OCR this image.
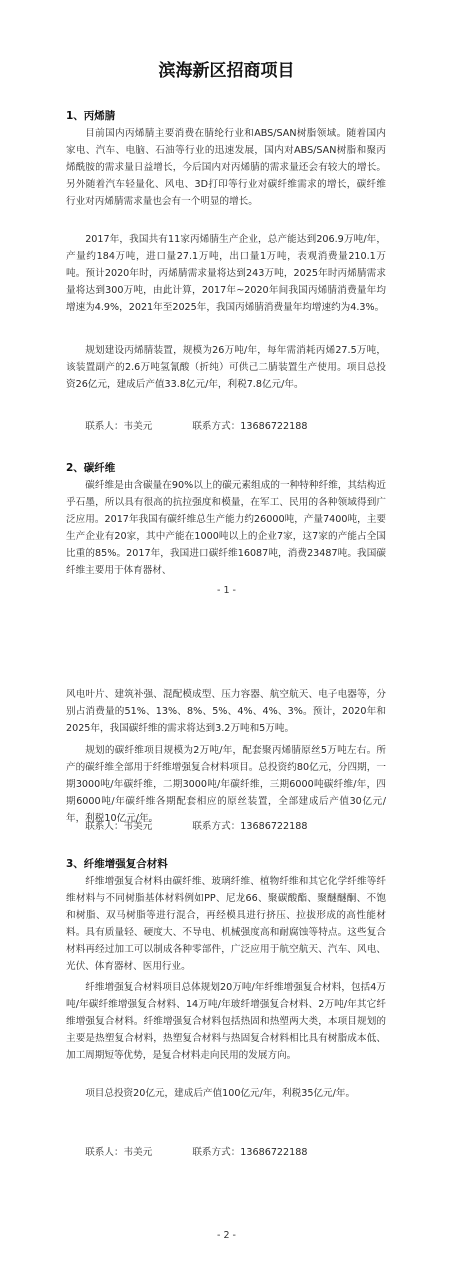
滨海新区招商项目
1、丙烯腈

目前国内丙烯腈主要消费在腈纶行业和ABS/SAN树脂领域。随着国内家电、汽车、电脑、石油等行业的迅速发展，国内对ABS/SAN树脂和聚丙烯酰胺的需求量日益增长，今后国内对丙烯腈的需求量还会有较大的增长。另外随着汽车轻量化、风电、3D打印等行业对碳纤维需求的增长，碳纤维行业对丙烯腈需求量也会有一个明显的增长。

2017年，我国共有11家丙烯腈生产企业，总产能达到206.9万吨/年，产量约184万吨，进口量27.1万吨，出口量1万吨，表观消费量210.1万吨。预计2020年时，丙烯腈需求量将达到243万吨，2025年时丙烯腈需求量将达到300万吨，由此计算，2017年~2020年间我国丙烯腈消费量年均增速为4.9%，2021年至2025年，我国丙烯腈消费量年均增速约为4.3%。

规划建设丙烯腈装置，规模为26万吨/年，每年需消耗丙烯27.5万吨，该装置副产的2.6万吨氢氰酸（折纯）可供己二腈装置生产使用。项目总投资26亿元，建成后产值33.8亿元/年，利税7.8亿元/年。

联系人：韦美元	联系方式：13686722188
2、碳纤维

碳纤维是由含碳量在90%以上的碳元素组成的一种特种纤维，其结构近乎石墨，所以具有很高的抗拉强度和模量，在军工、民用的各种领域得到广泛应用。2017年我国有碳纤维总生产能力约26000吨，产量7400吨，主要生产企业有20家，其中产能在1000吨以上的企业7家，这7家的产能占全国比重的85%。2017年，我国进口碳纤维16087吨，消费23487吨。我国碳纤维主要用于体育器材、

- 1 -

风电叶片、建筑补强、混配模成型、压力容器、航空航天、电子电器等，分别占消费量的51%、13%、8%、5%、4%、4%、3%。预计，2020年和2025年，我国碳纤维的需求将达到3.2万吨和5万吨。

规划的碳纤维项目规模为2万吨/年，配套聚丙烯腈原丝5万吨左右。所产的碳纤维全部用于纤维增强复合材料项目。总投资约80亿元，分四期，一期3000吨/年碳纤维，二期3000吨/年碳纤维，三期6000吨碳纤维/年，四期6000吨/年碳纤维各期配套相应的原丝装置，全部建成后产值30亿元/年，利税10亿元/年。

联系人：韦美元	联系方式：13686722188
3、纤维增强复合材料

纤维增强复合材料由碳纤维、玻璃纤维、植物纤维和其它化学纤维等纤维材料与不同树脂基体材料例如PP、尼龙66、聚碳酸酯、聚醚醚酮、不饱和树脂、双马树脂等进行混合，再经模具进行挤压、拉拔形成的高性能材料。具有质量轻、硬度大、不导电、机械强度高和耐腐蚀等特点。这些复合材料再经过加工可以制成各种零部件，广泛应用于航空航天、汽车、风电、光伏、体育器材、医用行业。

纤维增强复合材料项目总体规划20万吨/年纤维增强复合材料，包括4万吨/年碳纤维增强复合材料、14万吨/年玻纤增强复合材料、2万吨/年其它纤维增强复合材料。纤维增强复合材料包括热固和热塑两大类，本项目规划的主要是热塑复合材料，热塑复合材料与热固复合材料相比具有树脂成本低、加工周期短等优势，是复合材料走向民用的发展方向。

项目总投资20亿元，建成后产值100亿元/年，利税35亿元/年。

联系人：韦美元	联系方式：13686722188
- 2 -
